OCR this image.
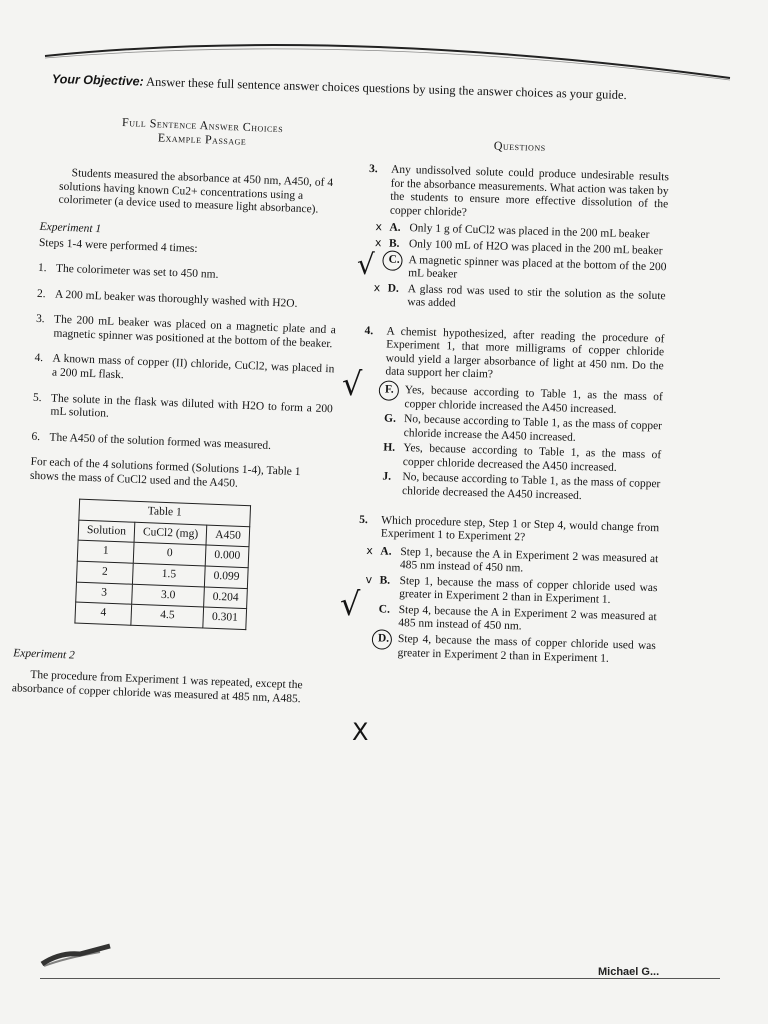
Your Objective: Answer these full sentence answer choices questions by using the answer choices as your guide.
Full Sentence Answer Choices
Example Passage
Students measured the absorbance at 450 nm, A450, of 4 solutions having known Cu2+ concentrations using a colorimeter (a device used to measure light absorbance).
Experiment 1
Steps 1-4 were performed 4 times:
1. The colorimeter was set to 450 nm.
2. A 200 mL beaker was thoroughly washed with H2O.
3. The 200 mL beaker was placed on a magnetic plate and a magnetic spinner was positioned at the bottom of the beaker.
4. A known mass of copper (II) chloride, CuCl2, was placed in a 200 mL flask.
5. The solute in the flask was diluted with H2O to form a 200 mL solution.
6. The A450 of the solution formed was measured.
For each of the 4 solutions formed (Solutions 1-4), Table 1 shows the mass of CuCl2 used and the A450.
Table 1
Solution	CuCl2 (mg)	A450
1	0	0.000
2	1.5	0.099
3	3.0	0.204
4	4.5	0.301
Experiment 2
The procedure from Experiment 1 was repeated, except the absorbance of copper chloride was measured at 485 nm, A485.
Questions
3.	Any undissolved solute could produce undesirable results for the absorbance measurements. What action was taken by the students to ensure more effective dissolution of the copper chloride?
x A. Only 1 g of CuCl2 was placed in the 200 mL beaker
x B. Only 100 mL of H2O was placed in the 200 mL beaker
C. A magnetic spinner was placed at the bottom of the 200 mL beaker
x D. A glass rod was used to stir the solution as the solute was added
4.	A chemist hypothesized, after reading the procedure of Experiment 1, that more milligrams of copper chloride would yield a larger absorbance of light at 450 nm. Do the data support her claim?
F. Yes, because according to Table 1, as the mass of copper chloride increased the A450 increased.
G. No, because according to Table 1, as the mass of copper chloride increase the A450 increased.
H. Yes, because according to Table 1, as the mass of copper chloride decreased the A450 increased.
J. No, because according to Table 1, as the mass of copper chloride decreased the A450 increased.
5.	Which procedure step, Step 1 or Step 4, would change from Experiment 1 to Experiment 2?
x A. Step 1, because the A in Experiment 2 was measured at 485 nm instead of 450 nm.
v B. Step 1, because the mass of copper chloride used was greater in Experiment 2 than in Experiment 1.
C. Step 4, because the A in Experiment 2 was measured at 485 nm instead of 450 nm.
D. Step 4, because the mass of copper chloride used was greater in Experiment 2 than in Experiment 1.
√
√
√
X
Michael G...
